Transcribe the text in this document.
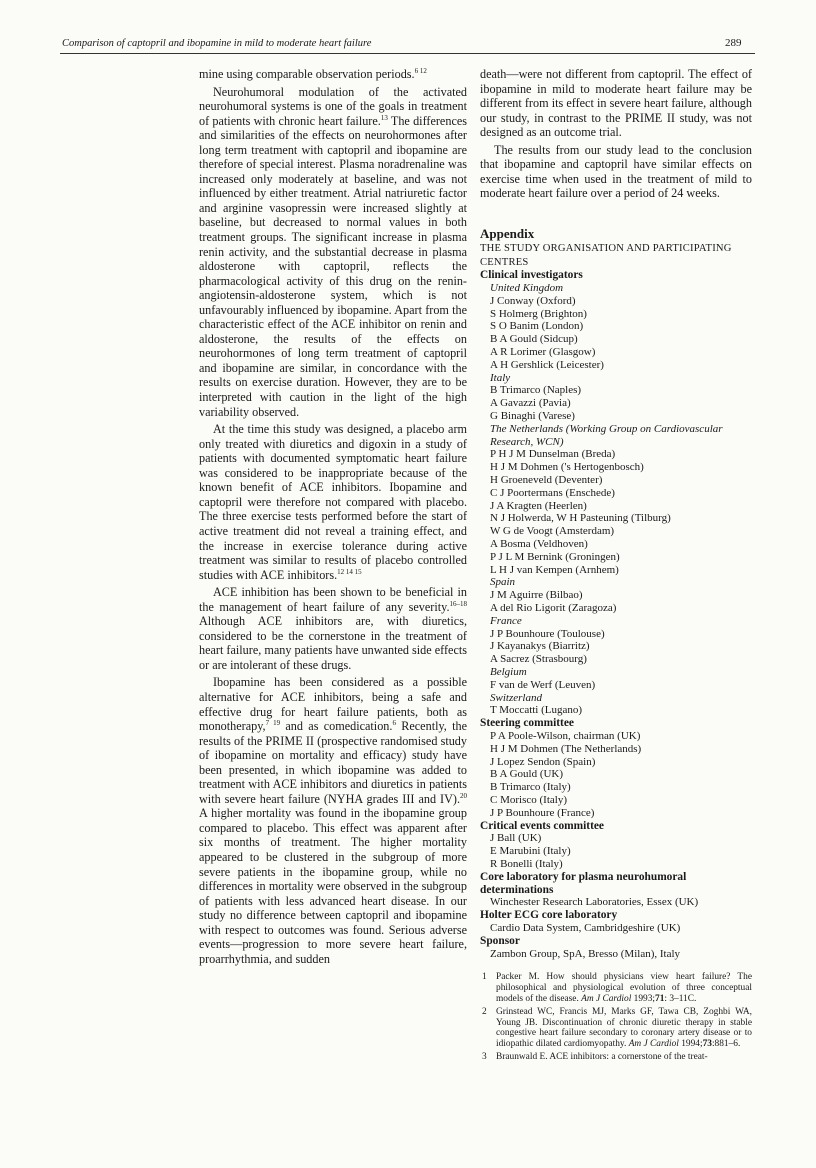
Comparison of captopril and ibopamine in mild to moderate heart failure	289

mine using comparable observation periods.$^{6 12}$

Neurohumoral modulation of the activated neurohumoral systems is one of the goals in treatment of patients with chronic heart failure.$^{13}$ The differences and similarities of the effects on neurohormones after long term treatment with captopril and ibopamine are therefore of special interest. Plasma noradrenaline was increased only moderately at baseline, and was not influenced by either treatment. Atrial natriuretic factor and arginine vasopressin were increased slightly at baseline, but decreased to normal values in both treatment groups. The significant increase in plasma renin activity, and the substantial decrease in plasma aldosterone with captopril, reflects the pharmacological activity of this drug on the renin-angiotensin-aldosterone system, which is not unfavourably influenced by ibopamine. Apart from the characteristic effect of the ACE inhibitor on renin and aldosterone, the results of the effects on neurohormones of long term treatment of captopril and ibopamine are similar, in concordance with the results on exercise duration. However, they are to be interpreted with caution in the light of the high variability observed.

At the time this study was designed, a placebo arm only treated with diuretics and digoxin in a study of patients with documented symptomatic heart failure was considered to be inappropriate because of the known benefit of ACE inhibitors. Ibopamine and captopril were therefore not compared with placebo. The three exercise tests performed before the start of active treatment did not reveal a training effect, and the increase in exercise tolerance during active treatment was similar to results of placebo controlled studies with ACE inhibitors.$^{12 14 15}$

ACE inhibition has been shown to be beneficial in the management of heart failure of any severity.$^{16-18}$ Although ACE inhibitors are, with diuretics, considered to be the cornerstone in the treatment of heart failure, many patients have unwanted side effects or are intolerant of these drugs.

Ibopamine has been considered as a possible alternative for ACE inhibitors, being a safe and effective drug for heart failure patients, both as monotherapy,$^{7 19}$ and as comedication.$^6$ Recently, the results of the PRIME II (prospective randomised study of ibopamine on mortality and efficacy) study have been presented, in which ibopamine was added to treatment with ACE inhibitors and diuretics in patients with severe heart failure (NYHA grades III and IV).$^{20}$ A higher mortality was found in the ibopamine group compared to placebo. This effect was apparent after six months of treatment. The higher mortality appeared to be clustered in the subgroup of more severe patients in the ibopamine group, while no differences in mortality were observed in the subgroup of patients with less advanced heart disease. In our study no difference between captopril and ibopamine with respect to outcomes was found. Serious adverse events—progression to more severe heart failure, proarrhythmia, and sudden

death—were not different from captopril. The effect of ibopamine in mild to moderate heart failure may be different from its effect in severe heart failure, although our study, in contrast to the PRIME II study, was not designed as an outcome trial.

The results from our study lead to the conclusion that ibopamine and captopril have similar effects on exercise time when used in the treatment of mild to moderate heart failure over a period of 24 weeks.

Appendix
THE STUDY ORGANISATION AND PARTICIPATING CENTRES
Clinical investigators
United Kingdom
J Conway (Oxford)
S Holmerg (Brighton)
S O Banim (London)
B A Gould (Sidcup)
A R Lorimer (Glasgow)
A H Gershlick (Leicester)
Italy
B Trimarco (Naples)
A Gavazzi (Pavia)
G Binaghi (Varese)
The Netherlands (Working Group on Cardiovascular Research, WCN)
P H J M Dunselman (Breda)
H J M Dohmen ('s Hertogenbosch)
H Groeneveld (Deventer)
C J Poortermans (Enschede)
J A Kragten (Heerlen)
N J Holwerda, W H Pasteuning (Tilburg)
W G de Voogt (Amsterdam)
A Bosma (Veldhoven)
P J L M Bernink (Groningen)
L H J van Kempen (Arnhem)
Spain
J M Aguirre (Bilbao)
A del Rio Ligorit (Zaragoza)
France
J P Bounhoure (Toulouse)
J Kayanakys (Biarritz)
A Sacrez (Strasbourg)
Belgium
F van de Werf (Leuven)
Switzerland
T Moccatti (Lugano)
Steering committee
P A Poole-Wilson, chairman (UK)
H J M Dohmen (The Netherlands)
J Lopez Sendon (Spain)
B A Gould (UK)
B Trimarco (Italy)
C Morisco (Italy)
J P Bounhoure (France)
Critical events committee
J Ball (UK)
E Marubini (Italy)
R Bonelli (Italy)
Core laboratory for plasma neurohumoral determinations
Winchester Research Laboratories, Essex (UK)
Holter ECG core laboratory
Cardio Data System, Cambridgeshire (UK)
Sponsor
Zambon Group, SpA, Bresso (Milan), Italy
1 Packer M. How should physicians view heart failure? The philosophical and physiological evolution of three conceptual models of the disease. Am J Cardiol 1993;71: 3–11C.
2 Grinstead WC, Francis MJ, Marks GF, Tawa CB, Zoghbi WA, Young JB. Discontinuation of chronic diuretic therapy in stable congestive heart failure secondary to coronary artery disease or to idiopathic dilated cardiomyopathy. Am J Cardiol 1994;73:881–6.
3 Braunwald E. ACE inhibitors: a cornerstone of the treat-
